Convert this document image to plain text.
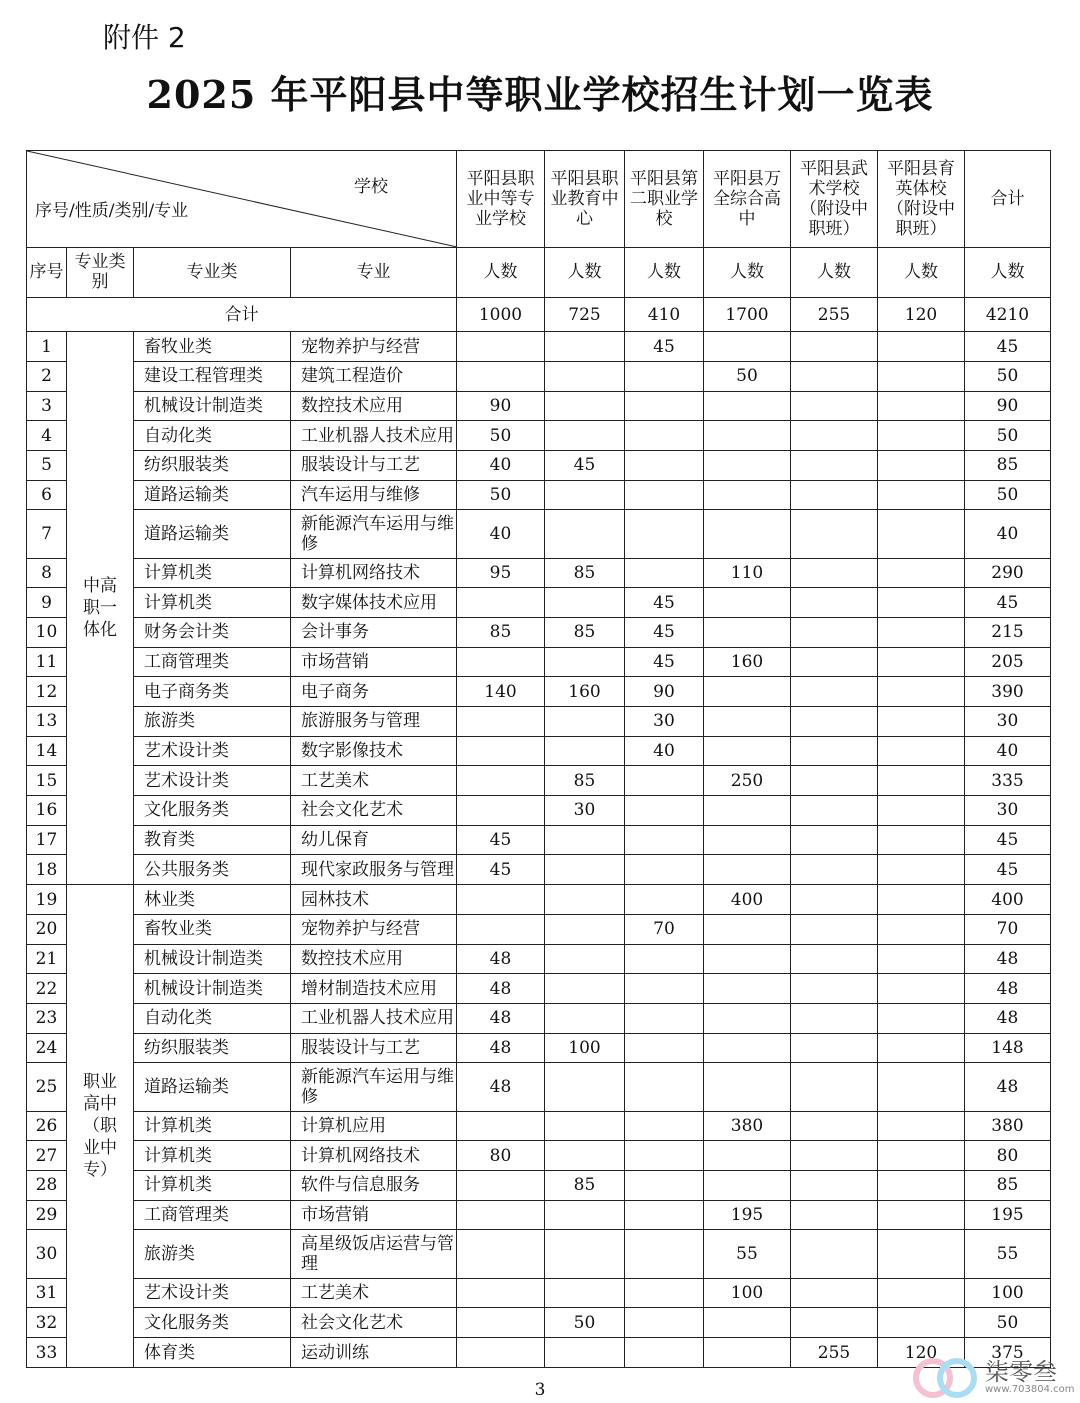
附件 2
2025 年平阳县中等职业学校招生计划一览表
学校
序号/性质/类别/专业				平阳县职业中等专业学校	平阳县职业教育中心	平阳县第二职业学校	平阳县万全综合高中	平阳县武术学校（附设中职班）	平阳县育英体校（附设中职班）	合计
序号	专业类别	专业类	专业	人数	人数	人数	人数	人数	人数	人数
合计				1000	725	410	1700	255	120	4210
1	中高职一体化	畜牧业类	宠物养护与经营			45				45
2		建设工程管理类	建筑工程造价				50			50
3		机械设计制造类	数控技术应用	90						90
4		自动化类	工业机器人技术应用	50						50
5		纺织服装类	服装设计与工艺	40	45					85
6		道路运输类	汽车运用与维修	50						50
7		道路运输类	新能源汽车运用与维修	40						40
8		计算机类	计算机网络技术	95	85		110			290
9		计算机类	数字媒体技术应用			45				45
10		财务会计类	会计事务	85	85	45				215
11		工商管理类	市场营销			45	160			205
12		电子商务类	电子商务	140	160	90				390
13		旅游类	旅游服务与管理			30				30
14		艺术设计类	数字影像技术			40				40
15		艺术设计类	工艺美术		85		250			335
16		文化服务类	社会文化艺术		30					30
17		教育类	幼儿保育	45						45
18		公共服务类	现代家政服务与管理	45						45
19	职业高中（职业中专）	林业类	园林技术				400			400
20		畜牧业类	宠物养护与经营			70				70
21		机械设计制造类	数控技术应用	48						48
22		机械设计制造类	增材制造技术应用	48						48
23		自动化类	工业机器人技术应用	48						48
24		纺织服装类	服装设计与工艺	48	100					148
25		道路运输类	新能源汽车运用与维修	48						48
26		计算机类	计算机应用				380			380
27		计算机类	计算机网络技术	80						80
28		计算机类	软件与信息服务		85					85
29		工商管理类	市场营销				195			195
30		旅游类	高星级饭店运营与管理				55			55
31		艺术设计类	工艺美术				100			100
32		文化服务类	社会文化艺术		50					50
33		体育类	运动训练					255	120	375
3
柒零叁
www.703804.com
